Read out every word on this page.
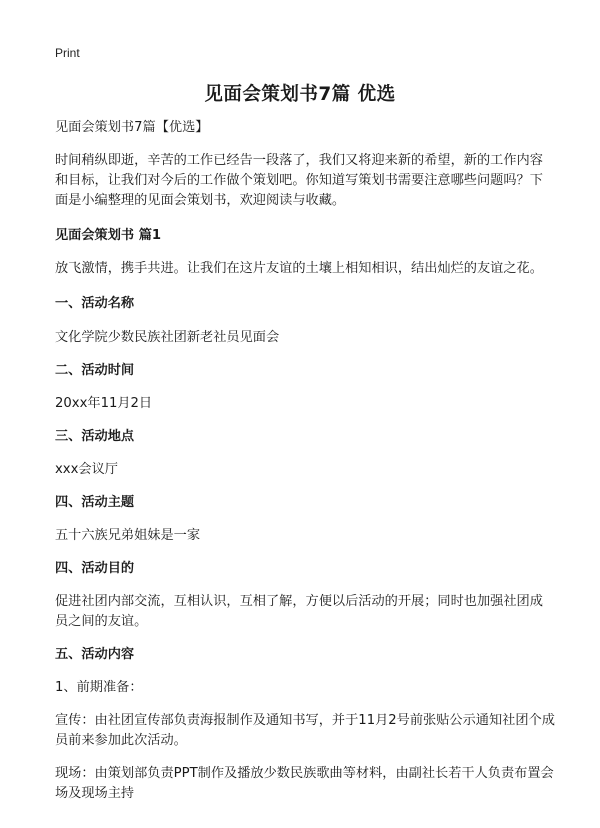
Print
见面会策划书7篇 优选
见面会策划书7篇【优选】
时间稍纵即逝，辛苦的工作已经告一段落了，我们又将迎来新的希望，新的工作内容和目标，让我们对今后的工作做个策划吧。你知道写策划书需要注意哪些问题吗？下面是小编整理的见面会策划书，欢迎阅读与收藏。
见面会策划书 篇1
放飞激情，携手共进。让我们在这片友谊的土壤上相知相识，结出灿烂的友谊之花。
一、活动名称
文化学院少数民族社团新老社员见面会
二、活动时间
20xx年11月2日
三、活动地点
xxx会议厅
四、活动主题
五十六族兄弟姐妹是一家
四、活动目的
促进社团内部交流，互相认识，互相了解，方便以后活动的开展；同时也加强社团成员之间的友谊。
五、活动内容
1、前期准备：
宣传：由社团宣传部负责海报制作及通知书写，并于11月2号前张贴公示通知社团个成员前来参加此次活动。
现场：由策划部负责PPT制作及播放少数民族歌曲等材料，由副社长若干人负责布置会场及现场主持
